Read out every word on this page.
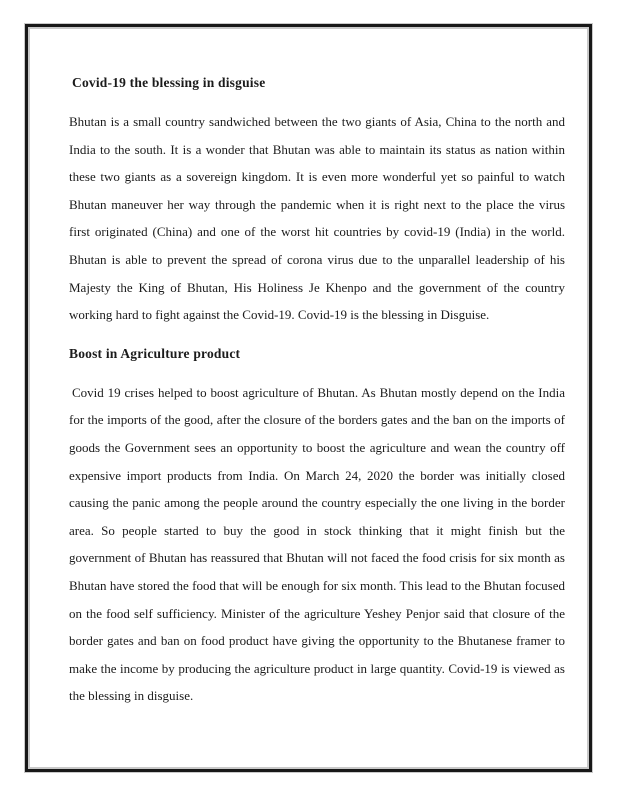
Covid-19 the blessing in disguise

Bhutan is a small country sandwiched between the two giants of Asia, China to the north and India to the south. It is a wonder that Bhutan was able to maintain its status as nation within these two giants as a sovereign kingdom. It is even more wonderful yet so painful to watch Bhutan maneuver her way through the pandemic when it is right next to the place the virus first originated (China) and one of the worst hit countries by covid-19 (India) in the world. Bhutan is able to prevent the spread of corona virus due to the unparallel leadership of his Majesty the King of Bhutan, His Holiness Je Khenpo and the government of the country working hard to fight against the Covid-19. Covid-19 is the blessing in Disguise.

Boost in Agriculture product

Covid 19 crises helped to boost agriculture of Bhutan. As Bhutan mostly depend on the India for the imports of the good, after the closure of the borders gates and the ban on the imports of goods the Government sees an opportunity to boost the agriculture and wean the country off expensive import products from India. On March 24, 2020 the border was initially closed causing the panic among the people around the country especially the one living in the border area. So people started to buy the good in stock thinking that it might finish but the government of Bhutan has reassured that Bhutan will not faced the food crisis for six month as Bhutan have stored the food that will be enough for six month. This lead to the Bhutan focused on the food self sufficiency. Minister of the agriculture Yeshey Penjor said that closure of the border gates and ban on food product have giving the opportunity to the Bhutanese framer to make the income by producing the agriculture product in large quantity. Covid-19 is viewed as the blessing in disguise.
